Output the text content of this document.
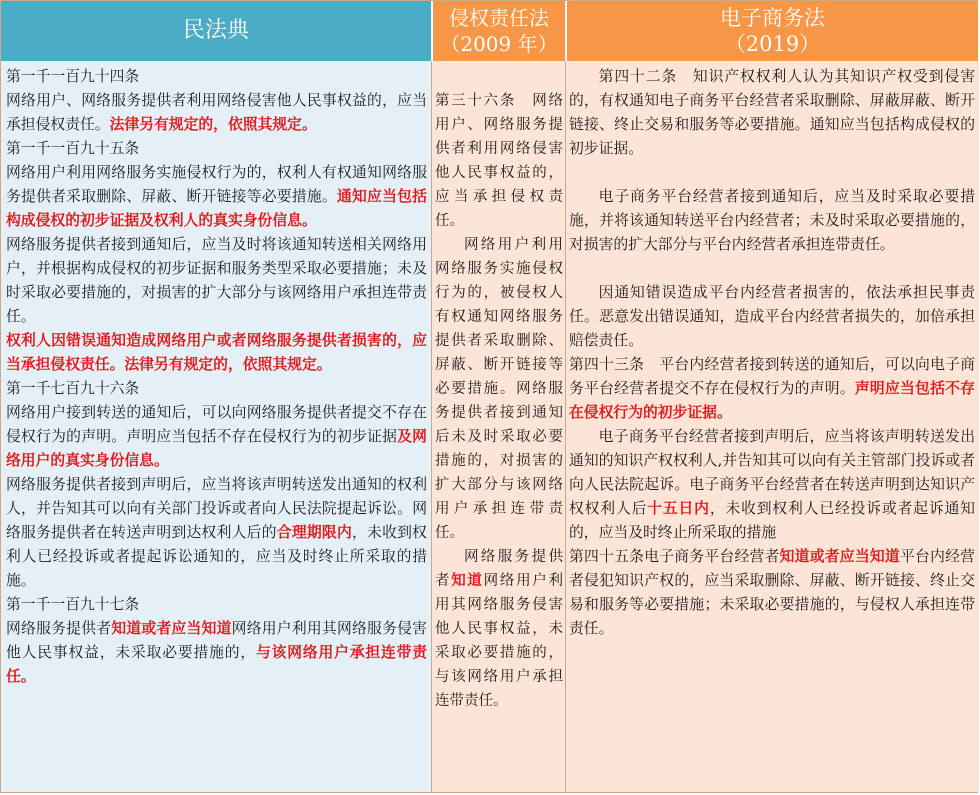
民法典	侵权责任法
（2009 年）
电子商务法
（2019）

第一千一百九十四条

网络用户、网络服务提供者利用网络侵害他人民事权益的，应当承担侵权责任。法律另有规定的，依照其规定。

第一千一百九十五条

网络用户利用网络服务实施侵权行为的，权利人有权通知网络服务提供者采取删除、屏蔽、断开链接等必要措施。通知应当包括构成侵权的初步证据及权利人的真实身份信息。

网络服务提供者接到通知后，应当及时将该通知转送相关网络用户，并根据构成侵权的初步证据和服务类型采取必要措施；未及时采取必要措施的，对损害的扩大部分与该网络用户承担连带责任。

权利人因错误通知造成网络用户或者网络服务提供者损害的，应当承担侵权责任。法律另有规定的，依照其规定。

第一千七百九十六条

网络用户接到转送的通知后，可以向网络服务提供者提交不存在侵权行为的声明。声明应当包括不存在侵权行为的初步证据及网络用户的真实身份信息。

网络服务提供者接到声明后，应当将该声明转送发出通知的权利人，并告知其可以向有关部门投诉或者向人民法院提起诉讼。网络服务提供者在转送声明到达权利人后的合理期限内，未收到权利人已经投诉或者提起诉讼通知的，应当及时终止所采取的措施。

第一千一百九十七条

网络服务提供者知道或者应当知道网络用户利用其网络服务侵害他人民事权益，未采取必要措施的，与该网络用户承担连带责任。

第三十六条　网络用户、网络服务提供者利用网络侵害他人民事权益的，应当承担侵权责任。

网络用户利用网络服务实施侵权行为的，被侵权人有权通知网络服务提供者采取删除、屏蔽、断开链接等必要措施。网络服务提供者接到通知后未及时采取必要措施的，对损害的扩大部分与该网络用户承担连带责任。

网络服务提供者知道网络用户利用其网络服务侵害他人民事权益，未采取必要措施的，与该网络用户承担连带责任。

第四十二条　知识产权权利人认为其知识产权受到侵害的，有权通知电子商务平台经营者采取删除、屏蔽屏蔽、断开链接、终止交易和服务等必要措施。通知应当包括构成侵权的初步证据。

电子商务平台经营者接到通知后，应当及时采取必要措施，并将该通知转送平台内经营者；未及时采取必要措施的，对损害的扩大部分与平台内经营者承担连带责任。

因通知错误造成平台内经营者损害的，依法承担民事责任。恶意发出错误通知，造成平台内经营者损失的，加倍承担赔偿责任。

第四十三条　平台内经营者接到转送的通知后，可以向电子商务平台经营者提交不存在侵权行为的声明。声明应当包括不存在侵权行为的初步证据。

电子商务平台经营者接到声明后，应当将该声明转送发出通知的知识产权权利人,并告知其可以向有关主管部门投诉或者向人民法院起诉。电子商务平台经营者在转送声明到达知识产权权利人后十五日内，未收到权利人已经投诉或者起诉通知的，应当及时终止所采取的措施

第四十五条电子商务平台经营者知道或者应当知道平台内经营者侵犯知识产权的，应当采取删除、屏蔽、断开链接、终止交易和服务等必要措施；未采取必要措施的，与侵权人承担连带责任。
